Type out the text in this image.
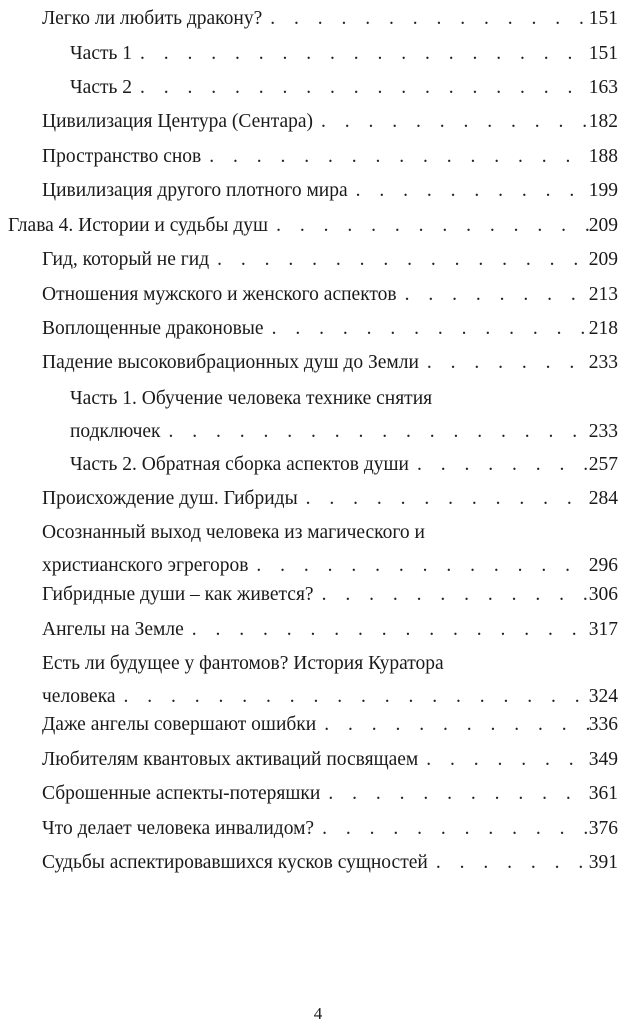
Легко ли любить дракону? . . .	151
Часть 1 . . .	151
Часть 2 . . .	163
Цивилизация Центура (Сентара) . . .	182
Пространство снов . . .	188
Цивилизация другого плотного мира . . .	199
Глава 4. Истории и судьбы душ . . .	209
Гид, который не гид . . .	209
Отношения мужского и женского аспектов . . .	213
Воплощенные драконовые . . .	218
Падение высоковибрационных душ до Земли . . .	233
Часть 1. Обучение человека технике снятия
подключек . . .	233
Часть 2. Обратная сборка аспектов души . . .	257
Происхождение душ. Гибриды . . .	284
Осознанный выход человека из магического и
христианского эгрегоров . . .	296
Гибридные души – как живется? . . .	306
Ангелы на Земле . . .	317
Есть ли будущее у фантомов? История Куратора
человека . . .	324
Даже ангелы совершают ошибки . . .	336
Любителям квантовых активаций посвящаем . . .	349
Сброшенные аспекты-потеряшки . . .	361
Что делает человека инвалидом? . . .	376
Судьбы аспектировавшихся кусков сущностей . . .	391
4
